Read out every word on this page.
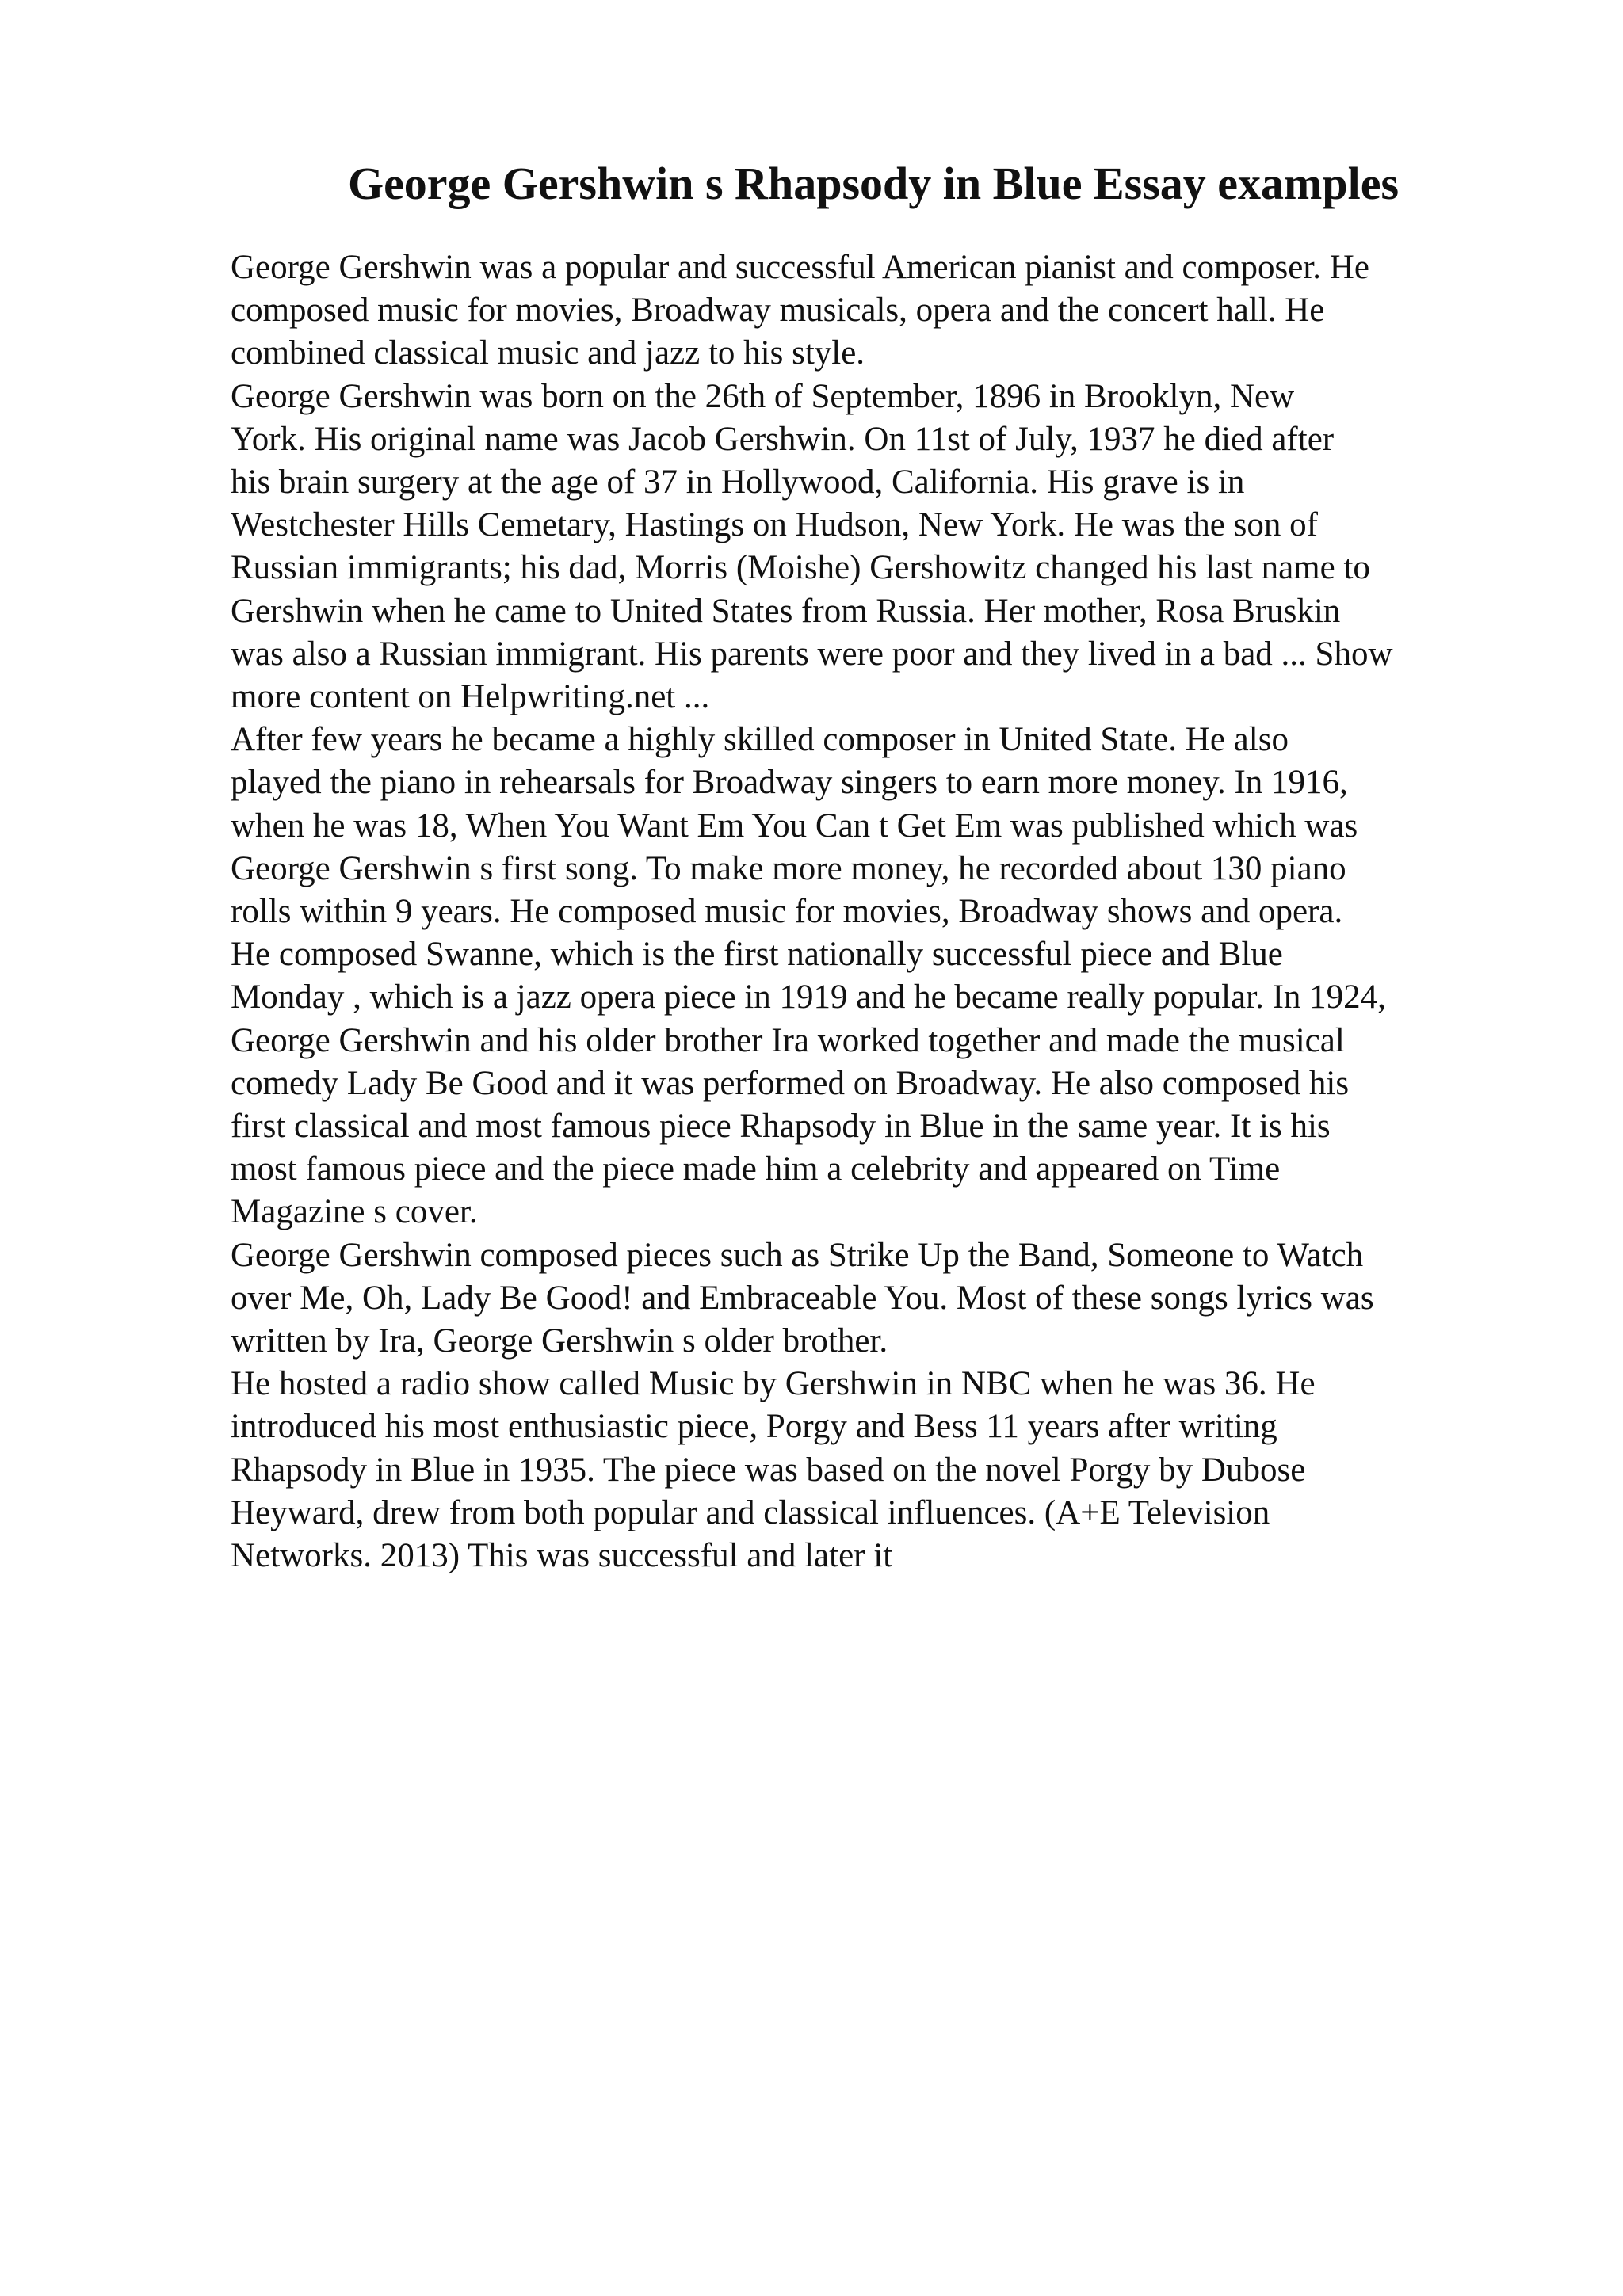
George Gershwin s Rhapsody in Blue Essay examples
George Gershwin was a popular and successful American pianist and composer. He
composed music for movies, Broadway musicals, opera and the concert hall. He
combined classical music and jazz to his style.
George Gershwin was born on the 26th of September, 1896 in Brooklyn, New
York. His original name was Jacob Gershwin. On 11st of July, 1937 he died after
his brain surgery at the age of 37 in Hollywood, California. His grave is in
Westchester Hills Cemetary, Hastings on Hudson, New York. He was the son of
Russian immigrants; his dad, Morris (Moishe) Gershowitz changed his last name to
Gershwin when he came to United States from Russia. Her mother, Rosa Bruskin
was also a Russian immigrant. His parents were poor and they lived in a bad ... Show
more content on Helpwriting.net ...
After few years he became a highly skilled composer in United State. He also
played the piano in rehearsals for Broadway singers to earn more money. In 1916,
when he was 18, When You Want Em You Can t Get Em was published which was
George Gershwin s first song. To make more money, he recorded about 130 piano
rolls within 9 years. He composed music for movies, Broadway shows and opera.
He composed Swanne, which is the first nationally successful piece and Blue
Monday , which is a jazz opera piece in 1919 and he became really popular. In 1924,
George Gershwin and his older brother Ira worked together and made the musical
comedy Lady Be Good and it was performed on Broadway. He also composed his
first classical and most famous piece Rhapsody in Blue in the same year. It is his
most famous piece and the piece made him a celebrity and appeared on Time
Magazine s cover.
George Gershwin composed pieces such as Strike Up the Band, Someone to Watch
over Me, Oh, Lady Be Good! and Embraceable You. Most of these songs lyrics was
written by Ira, George Gershwin s older brother.
He hosted a radio show called Music by Gershwin in NBC when he was 36. He
introduced his most enthusiastic piece, Porgy and Bess 11 years after writing
Rhapsody in Blue in 1935. The piece was based on the novel Porgy by Dubose
Heyward, drew from both popular and classical influences. (A+E Television
Networks. 2013) This was successful and later it
